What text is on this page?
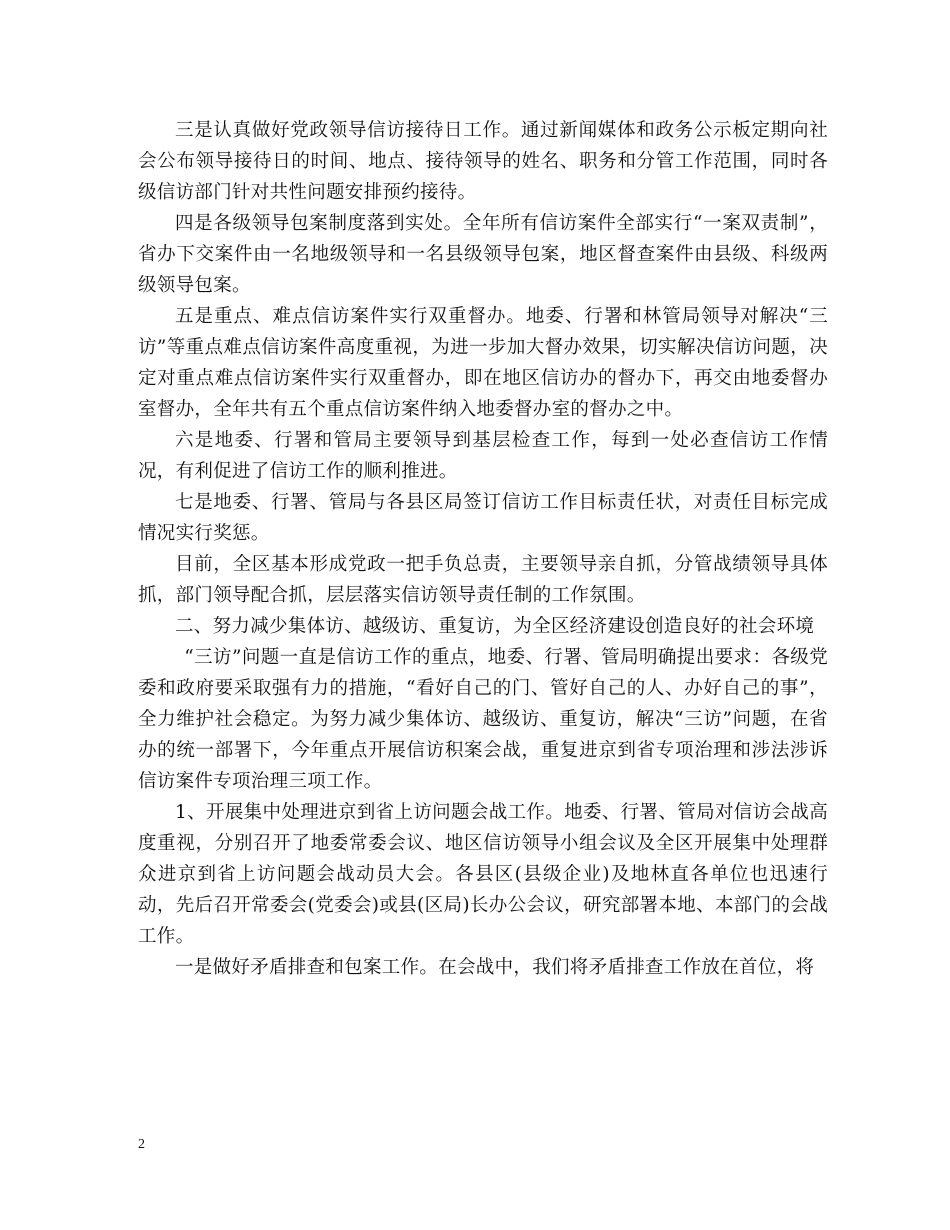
三是认真做好党政领导信访接待日工作。通过新闻媒体和政务公示板定期向社会公布领导接待日的时间、地点、接待领导的姓名、职务和分管工作范围，同时各级信访部门针对共性问题安排预约接待。

四是各级领导包案制度落到实处。全年所有信访案件全部实行“一案双责制”，省办下交案件由一名地级领导和一名县级领导包案，地区督查案件由县级、科级两级领导包案。

五是重点、难点信访案件实行双重督办。地委、行署和林管局领导对解决“三访”等重点难点信访案件高度重视，为进一步加大督办效果，切实解决信访问题，决定对重点难点信访案件实行双重督办，即在地区信访办的督办下，再交由地委督办室督办，全年共有五个重点信访案件纳入地委督办室的督办之中。

六是地委、行署和管局主要领导到基层检查工作，每到一处必查信访工作情况，有利促进了信访工作的顺利推进。

七是地委、行署、管局与各县区局签订信访工作目标责任状，对责任目标完成情况实行奖惩。

目前，全区基本形成党政一把手负总责，主要领导亲自抓，分管战绩领导具体抓，部门领导配合抓，层层落实信访领导责任制的工作氛围。

二、努力减少集体访、越级访、重复访，为全区经济建设创造良好的社会环境

“三访”问题一直是信访工作的重点，地委、行署、管局明确提出要求：各级党委和政府要采取强有力的措施，“看好自己的门、管好自己的人、办好自己的事”，全力维护社会稳定。为努力减少集体访、越级访、重复访，解决“三访”问题，在省办的统一部署下，今年重点开展信访积案会战，重复进京到省专项治理和涉法涉诉信访案件专项治理三项工作。

1、开展集中处理进京到省上访问题会战工作。地委、行署、管局对信访会战高度重视，分别召开了地委常委会议、地区信访领导小组会议及全区开展集中处理群众进京到省上访问题会战动员大会。各县区(县级企业)及地林直各单位也迅速行动，先后召开常委会(党委会)或县(区局)长办公会议，研究部署本地、本部门的会战工作。

一是做好矛盾排查和包案工作。在会战中，我们将矛盾排查工作放在首位，将

2
